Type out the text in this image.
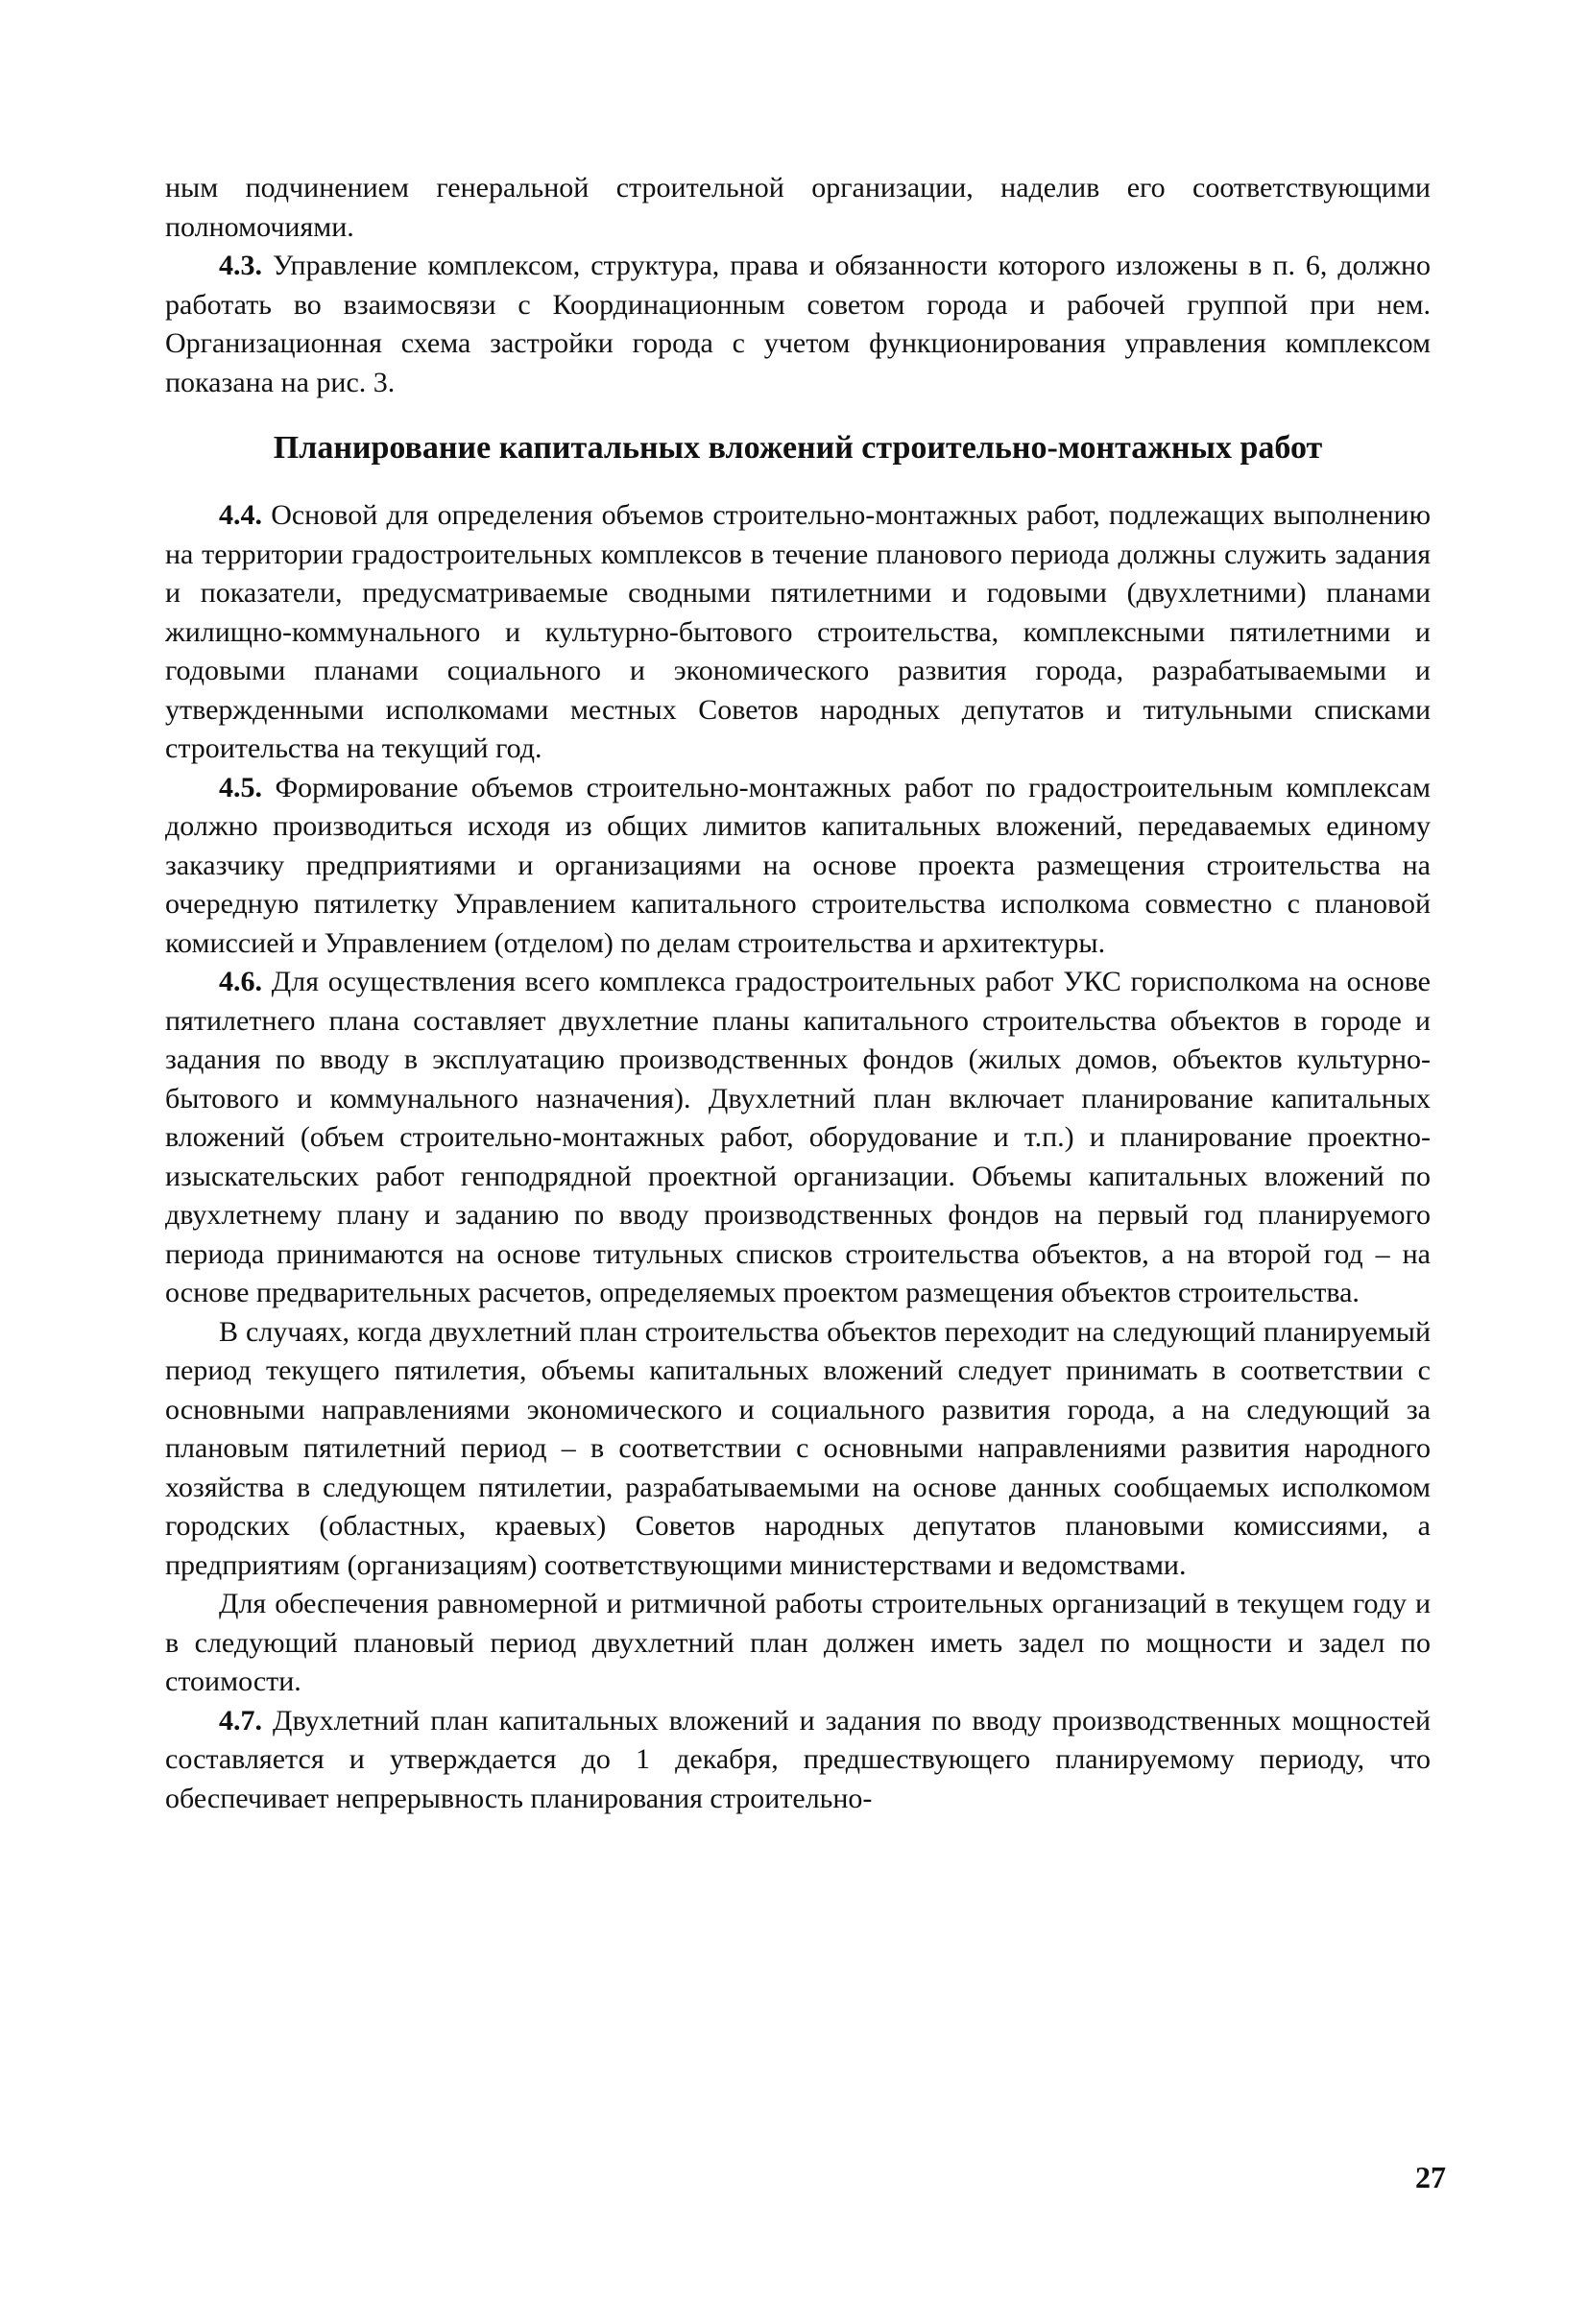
ным подчинением генеральной строительной организации, наделив его соответствующими полномочиями.

4.3. Управление комплексом, структура, права и обязанности которого изложены в п. 6, должно работать во взаимосвязи с Координационным советом города и рабочей группой при нем. Организационная схема застройки города с учетом функционирования управления комплексом показана на рис. 3.

Планирование капитальных вложений строительно-монтажных работ

4.4. Основой для определения объемов строительно-монтажных работ, подлежащих выполнению на территории градостроительных комплексов в течение планового периода должны служить задания и показатели, предусматриваемые сводными пятилетними и годовыми (двухлетними) планами жилищно-коммунального и культурно-бытового строительства, комплексными пятилетними и годовыми планами социального и экономического развития города, разрабатываемыми и утвержденными исполкомами местных Советов народных депутатов и титульными списками строительства на текущий год.

4.5. Формирование объемов строительно-монтажных работ по градостроительным комплексам должно производиться исходя из общих лимитов капитальных вложений, передаваемых единому заказчику предприятиями и организациями на основе проекта размещения строительства на очередную пятилетку Управлением капитального строительства исполкома совместно с плановой комиссией и Управлением (отделом) по делам строительства и архитектуры.

4.6. Для осуществления всего комплекса градостроительных работ УКС горисполкома на основе пятилетнего плана составляет двухлетние планы капитального строительства объектов в городе и задания по вводу в эксплуатацию производственных фондов (жилых домов, объектов культурно-бытового и коммунального назначения). Двухлетний план включает планирование капитальных вложений (объем строительно-монтажных работ, оборудование и т.п.) и планирование проектно-изыскательских работ генподрядной проектной организации. Объемы капитальных вложений по двухлетнему плану и заданию по вводу производственных фондов на первый год планируемого периода принимаются на основе титульных списков строительства объектов, а на второй год – на основе предварительных расчетов, определяемых проектом размещения объектов строительства.

В случаях, когда двухлетний план строительства объектов переходит на следующий планируемый период текущего пятилетия, объемы капитальных вложений следует принимать в соответствии с основными направлениями экономического и социального развития города, а на следующий за плановым пятилетний период – в соответствии с основными направлениями развития народного хозяйства в следующем пятилетии, разрабатываемыми на основе данных сообщаемых исполкомом городских (областных, краевых) Советов народных депутатов плановыми комиссиями, а предприятиям (организациям) соответствующими министерствами и ведомствами.

Для обеспечения равномерной и ритмичной работы строительных организаций в текущем году и в следующий плановый период двухлетний план должен иметь задел по мощности и задел по стоимости.

4.7. Двухлетний план капитальных вложений и задания по вводу производственных мощностей составляется и утверждается до 1 декабря, предшествующего планируемому периоду, что обеспечивает непрерывность планирования строительно-

27
